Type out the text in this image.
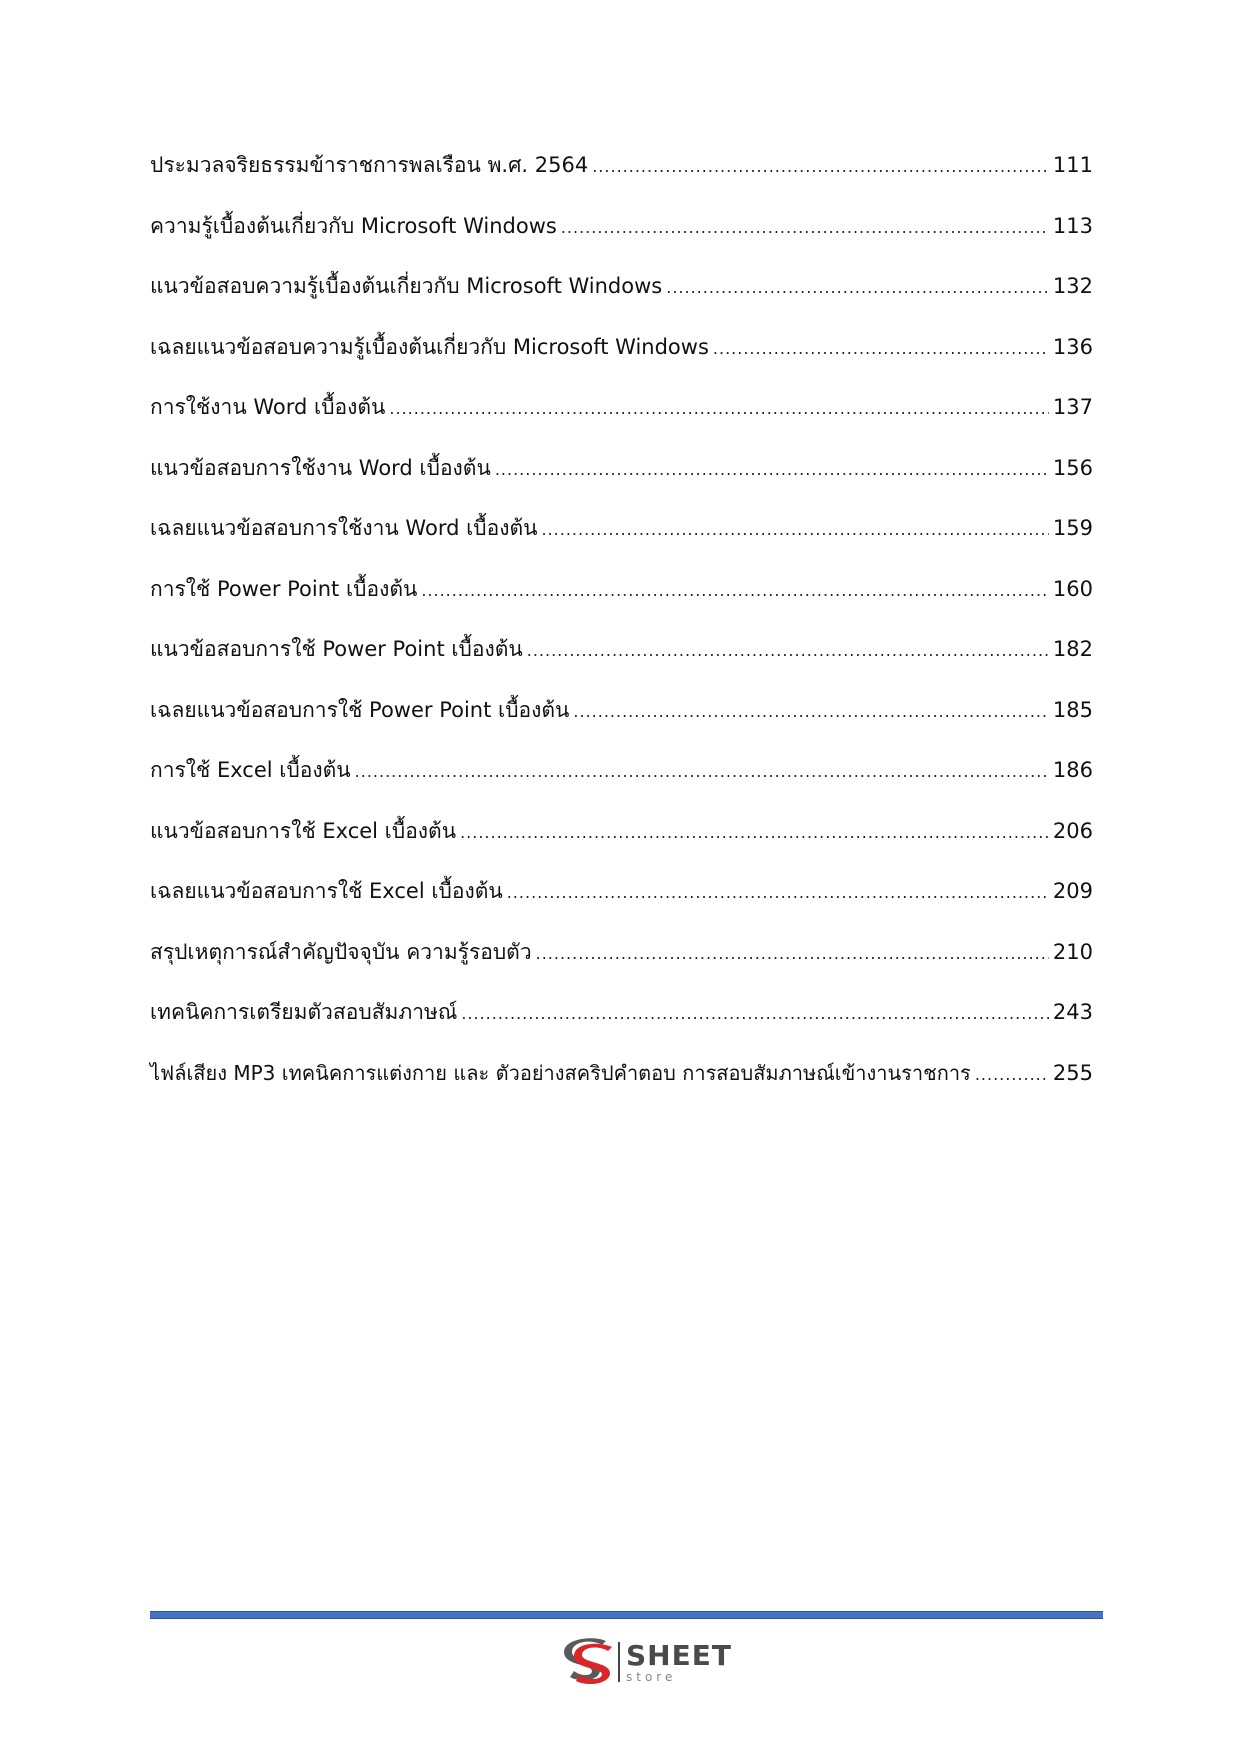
ประมวลจริยธรรมข้าราชการพลเรือน พ.ศ. 2564 .....	111
ความรู้เบื้องต้นเกี่ยวกับ Microsoft Windows .....	113
แนวข้อสอบความรู้เบื้องต้นเกี่ยวกับ Microsoft Windows .....	132
เฉลยแนวข้อสอบความรู้เบื้องต้นเกี่ยวกับ Microsoft Windows .....	136
การใช้งาน Word เบื้องต้น .....	137
แนวข้อสอบการใช้งาน Word เบื้องต้น .....	156
เฉลยแนวข้อสอบการใช้งาน Word เบื้องต้น .....	159
การใช้ Power Point เบื้องต้น .....	160
แนวข้อสอบการใช้ Power Point เบื้องต้น .....	182
เฉลยแนวข้อสอบการใช้ Power Point เบื้องต้น .....	185
การใช้ Excel เบื้องต้น .....	186
แนวข้อสอบการใช้ Excel เบื้องต้น .....	206
เฉลยแนวข้อสอบการใช้ Excel เบื้องต้น .....	209
สรุปเหตุการณ์สำคัญปัจจุบัน ความรู้รอบตัว .....	210
เทคนิคการเตรียมตัวสอบสัมภาษณ์ .....	243
ไฟล์เสียง MP3 เทคนิคการแต่งกาย และ ตัวอย่างสคริปคำตอบ การสอบสัมภาษณ์เข้างานราชการ .....	255
SHEET
store
